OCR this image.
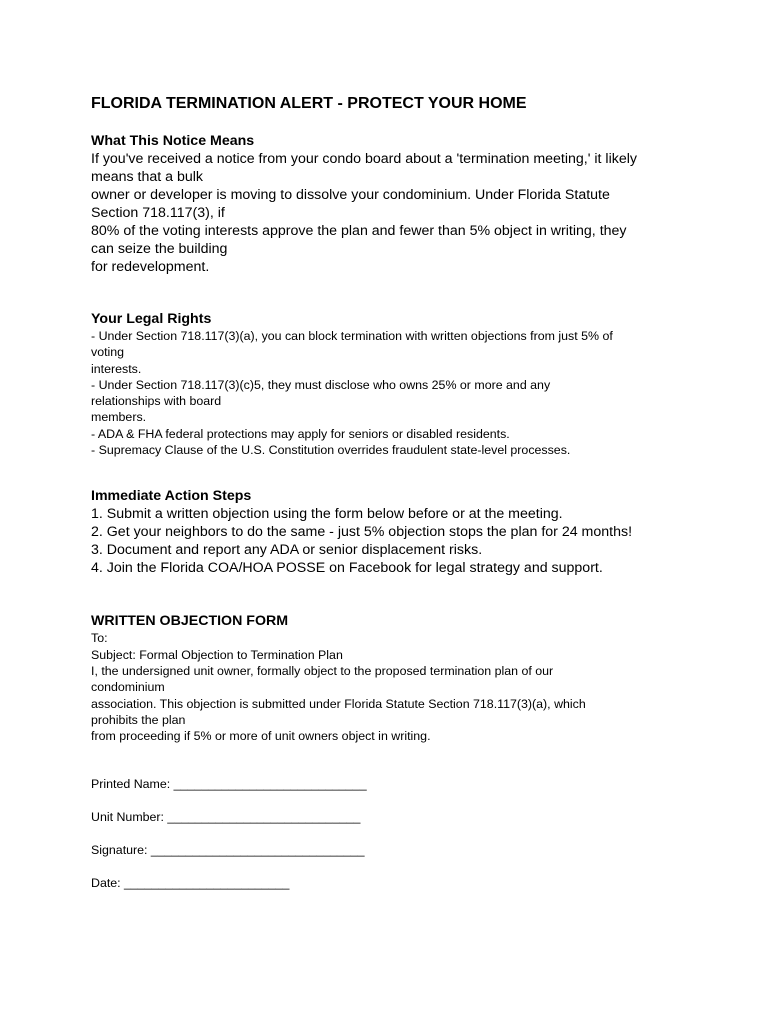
FLORIDA TERMINATION ALERT - PROTECT YOUR HOME
What This Notice Means
If you've received a notice from your condo board about a 'termination meeting,' it likely
means that a bulk
owner or developer is moving to dissolve your condominium. Under Florida Statute
Section 718.117(3), if
80% of the voting interests approve the plan and fewer than 5% object in writing, they
can seize the building
for redevelopment.
Your Legal Rights
- Under Section 718.117(3)(a), you can block termination with written objections from just 5% of
voting
interests.
- Under Section 718.117(3)(c)5, they must disclose who owns 25% or more and any
relationships with board
members.
- ADA & FHA federal protections may apply for seniors or disabled residents.
- Supremacy Clause of the U.S. Constitution overrides fraudulent state-level processes.
Immediate Action Steps
1. Submit a written objection using the form below before or at the meeting.
2. Get your neighbors to do the same - just 5% objection stops the plan for 24 months!
3. Document and report any ADA or senior displacement risks.
4. Join the Florida COA/HOA POSSE on Facebook for legal strategy and support.
WRITTEN OBJECTION FORM
To:
Subject: Formal Objection to Termination Plan
I, the undersigned unit owner, formally object to the proposed termination plan of our
condominium
association. This objection is submitted under Florida Statute Section 718.117(3)(a), which
prohibits the plan
from proceeding if 5% or more of unit owners object in writing.
Printed Name: ____________________________
Unit Number: ____________________________
Signature: _______________________________
Date: ________________________
